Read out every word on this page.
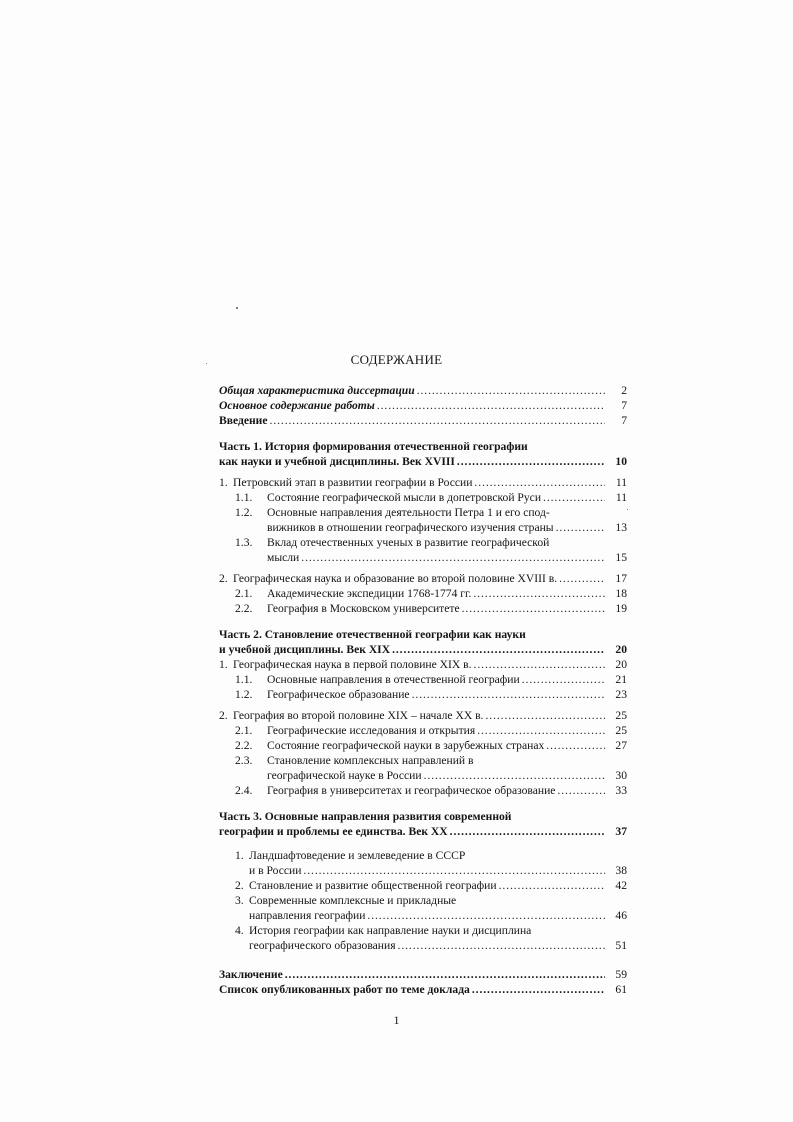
СОДЕРЖАНИЕ
Общая характеристика диссертации . . .	2
Основное содержание работы . . .	7
Введение . . .	7
Часть 1. История формирования отечественной географии
как науки и учебной дисциплины. Век XVIII . . .	10
1. Петровский этап в развитии географии в России . . .	11
1.1. Состояние географической мысли в допетровской Руси . . .	11
1.2. Основные направления деятельности Петра 1 и его спод-
вижников в отношении географического изучения страны . . .	13
1.3. Вклад отечественных ученых в развитие географической
мысли . . .	15
2. Географическая наука и образование во второй половине XVIII в. . . .	17
2.1. Академические экспедиции 1768-1774 гг. . . .	18
2.2. География в Московском университете . . .	19
Часть 2. Становление отечественной географии как науки
и учебной дисциплины. Век XIX . . .	20
1. Географическая наука в первой половине XIX в. . . .	20
1.1. Основные направления в отечественной географии . . .	21
1.2. Географическое образование . . .	23
2. География во второй половине XIX – начале XX в. . . .	25
2.1. Географические исследования и открытия . . .	25
2.2. Состояние географической науки в зарубежных странах . . .	27
2.3. Становление комплексных направлений в
географической науке в России . . .	30
2.4. География в университетах и географическое образование . . .	33
Часть 3. Основные направления развития современной
географии и проблемы ее единства. Век XX . . .	37
1. Ландшафтоведение и землеведение в СССР
и в России . . .	38
2. Становление и развитие общественной географии . . .	42
3. Современные комплексные и прикладные
направления географии . . .	46
4. История географии как направление науки и дисциплина
географического образования . . .	51
Заключение . . .	59
Список опубликованных работ по теме доклада . . .	61
1
